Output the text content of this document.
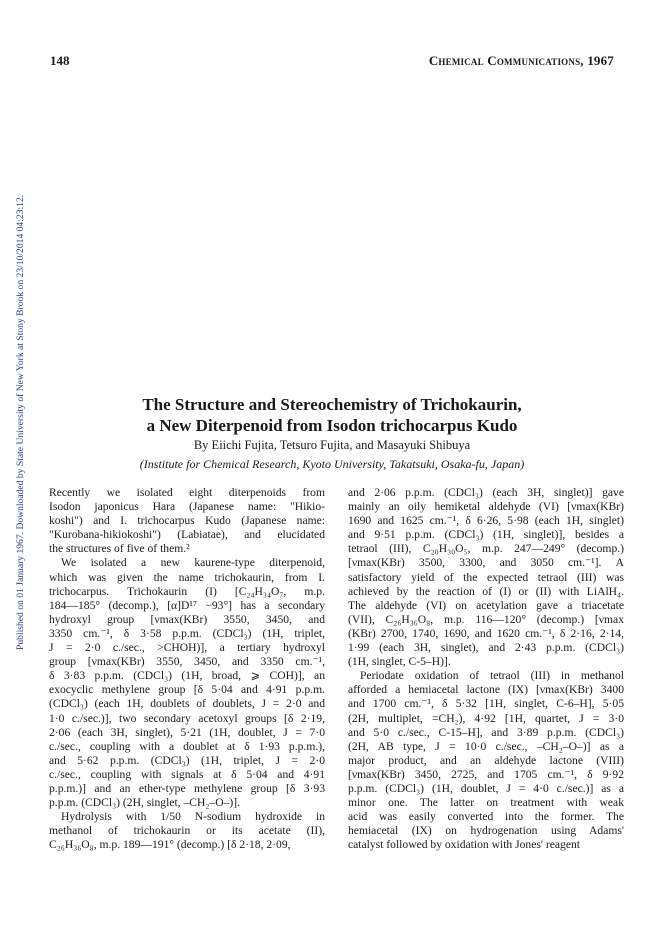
Published on 01 January 1967. Downloaded by State University of New York at Stony Brook on 23/10/2014 04:23:12.
148	Chemical Communications, 1967
The Structure and Stereochemistry of Trichokaurin,
a New Diterpenoid from Isodon trichocarpus Kudo
By Eiichi Fujita, Tetsuro Fujita, and Masayuki Shibuya
(Institute for Chemical Research, Kyoto University, Takatsuki, Osaka-fu, Japan)
Recently we isolated eight diterpenoids from
Isodon japonicus Hara (Japanese name: "Hikio-
koshi") and I. trichocarpus Kudo (Japanese name:
"Kurobana-hikiokoshi") (Labiatae), and elucidated
the structures of five of them.²
We isolated a new kaurene-type diterpenoid,
which was given the name trichokaurin, from I.
trichocarpus. Trichokaurin (I) [C₂₄H₃₄O₇, m.p.
184—185° (decomp.), [α]D¹⁷ −93°] has a secondary
hydroxyl group [νmax(KBr) 3550, 3450, and
3350 cm.⁻¹, δ 3·58 p.p.m. (CDCl₃) (1H, triplet,
J = 2·0 c./sec., >CHOH)], a tertiary hydroxyl
group [νmax(KBr) 3550, 3450, and 3350 cm.⁻¹,
δ 3·83 p.p.m. (CDCl₃) (1H, broad, ⩾ COH)], an
exocyclic methylene group [δ 5·04 and 4·91 p.p.m.
(CDCl₃) (each 1H, doublets of doublets, J = 2·0 and
1·0 c./sec.)], two secondary acetoxyl groups [δ 2·19,
2·06 (each 3H, singlet), 5·21 (1H, doublet, J = 7·0
c./sec., coupling with a doublet at δ 1·93 p.p.m.),
and 5·62 p.p.m. (CDCl₃) (1H, triplet, J = 2·0
c./sec., coupling with signals at δ 5·04 and 4·91
p.p.m.)] and an ether-type methylene group [δ 3·93
p.p.m. (CDCl₃) (2H, singlet, –CH₂–O–)].
Hydrolysis with 1/50 N-sodium hydroxide in
methanol of trichokaurin or its acetate (II),
C₂₆H₃₆O₈, m.p. 189—191° (decomp.) [δ 2·18, 2·09,
and 2·06 p.p.m. (CDCl₃) (each 3H, singlet)] gave
mainly an oily hemiketal aldehyde (VI) [νmax(KBr)
1690 and 1625 cm.⁻¹, δ 6·26, 5·98 (each 1H, singlet)
and 9·51 p.p.m. (CDCl₃) (1H, singlet)], besides a
tetraol (III), C₂₀H₃₀O₅, m.p. 247—249° (decomp.)
[νmax(KBr) 3500, 3300, and 3050 cm.⁻¹]. A
satisfactory yield of the expected tetraol (III) was
achieved by the reaction of (I) or (II) with LiAlH₄.
The aldehyde (VI) on acetylation gave a triacetate
(VII), C₂₆H₃₆O₈, m.p. 116—120° (decomp.) [νmax
(KBr) 2700, 1740, 1690, and 1620 cm.⁻¹, δ 2·16, 2·14,
1·99 (each 3H, singlet), and 2·43 p.p.m. (CDCl₃)
(1H, singlet, C-5–H)].
Periodate oxidation of tetraol (III) in methanol
afforded a hemiacetal lactone (IX) [νmax(KBr) 3400
and 1700 cm.⁻¹, δ 5·32 [1H, singlet, C-6–H], 5·05
(2H, multiplet, =CH₂), 4·92 [1H, quartet, J = 3·0
and 5·0 c./sec., C-15–H], and 3·89 p.p.m. (CDCl₃)
(2H, AB type, J = 10·0 c./sec., –CH₂–O–)] as a
major product, and an aldehyde lactone (VIII)
[νmax(KBr) 3450, 2725, and 1705 cm.⁻¹, δ 9·92
p.p.m. (CDCl₃) (1H, doublet, J = 4·0 c./sec.)] as a
minor one. The latter on treatment with weak
acid was easily converted into the former. The
hemiacetal (IX) on hydrogenation using Adams'
catalyst followed by oxidation with Jones' reagent
